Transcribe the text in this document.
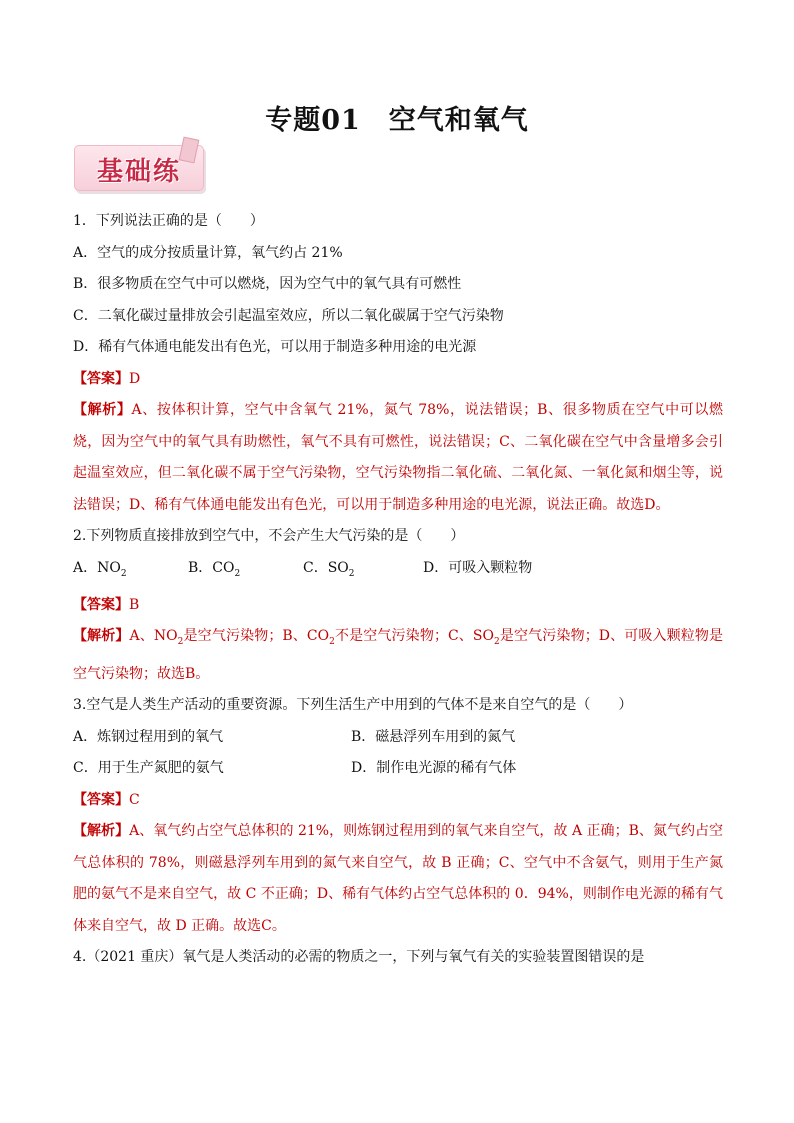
专题01　空气和氧气
基础练
1．下列说法正确的是（　　）
A．空气的成分按质量计算，氧气约占 21%
B．很多物质在空气中可以燃烧，因为空气中的氧气具有可燃性
C．二氧化碳过量排放会引起温室效应，所以二氧化碳属于空气污染物
D．稀有气体通电能发出有色光，可以用于制造多种用途的电光源
【答案】D
【解析】A、按体积计算，空气中含氧气 21%，氮气 78%，说法错误；B、很多物质在空气中可以燃烧，因为空气中的氧气具有助燃性，氧气不具有可燃性，说法错误；C、二氧化碳在空气中含量增多会引起温室效应，但二氧化碳不属于空气污染物，空气污染物指二氧化硫、二氧化氮、一氧化氮和烟尘等，说法错误；D、稀有气体通电能发出有色光，可以用于制造多种用途的电光源，说法正确。故选D。
2.下列物质直接排放到空气中，不会产生大气污染的是（　　）
A．$NO_2$	B．$CO_2$	C．$SO_2$	D．可吸入颗粒物
【答案】B
【解析】A、$NO_2$是空气污染物；B、$CO_2$不是空气污染物；C、$SO_2$是空气污染物；D、可吸入颗粒物是空气污染物；故选B。
3.空气是人类生产活动的重要资源。下列生活生产中用到的气体不是来自空气的是（　　）
A．炼钢过程用到的氧气	B．磁悬浮列车用到的氮气
C．用于生产氮肥的氨气	D．制作电光源的稀有气体
【答案】C
【解析】A、氧气约占空气总体积的 21%，则炼钢过程用到的氧气来自空气，故 A 正确；B、氮气约占空气总体积的 78%，则磁悬浮列车用到的氮气来自空气，故 B 正确；C、空气中不含氨气，则用于生产氮肥的氨气不是来自空气，故 C 不正确；D、稀有气体约占空气总体积的 0．94%，则制作电光源的稀有气体来自空气，故 D 正确。故选C。
4.（2021 重庆）氧气是人类活动的必需的物质之一，下列与氧气有关的实验装置图错误的是
